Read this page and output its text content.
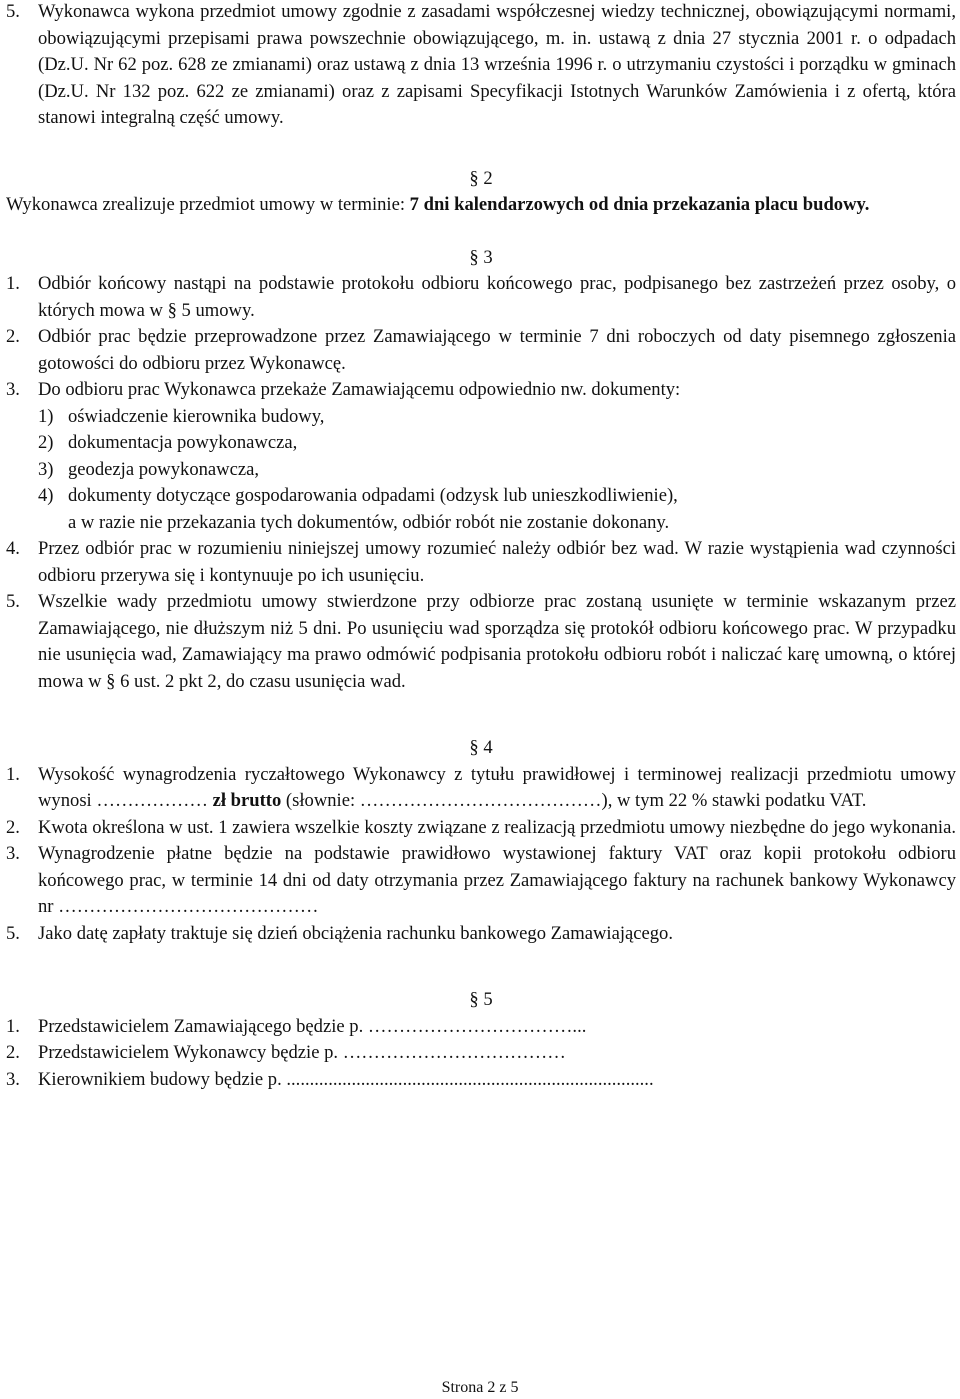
5. Wykonawca wykona przedmiot umowy zgodnie z zasadami współczesnej wiedzy technicznej, obowiązującymi normami, obowiązującymi przepisami prawa powszechnie obowiązującego, m. in. ustawą z dnia 27 stycznia 2001 r. o odpadach (Dz.U. Nr 62 poz. 628 ze zmianami) oraz ustawą z dnia 13 września 1996 r. o utrzymaniu czystości i porządku w gminach (Dz.U. Nr 132 poz. 622 ze zmianami) oraz z zapisami Specyfikacji Istotnych Warunków Zamówienia i z ofertą, która stanowi integralną część umowy.
§ 2
Wykonawca zrealizuje przedmiot umowy w terminie: 7 dni kalendarzowych od dnia przekazania placu budowy.
§ 3
1. Odbiór końcowy nastąpi na podstawie protokołu odbioru końcowego prac, podpisanego bez zastrzeżeń przez osoby, o których mowa w § 5 umowy.
2. Odbiór prac będzie przeprowadzone przez Zamawiającego w terminie 7 dni roboczych od daty pisemnego zgłoszenia gotowości do odbioru przez Wykonawcę.
3. Do odbioru prac Wykonawca przekaże Zamawiającemu odpowiednio nw. dokumenty:
1) oświadczenie kierownika budowy,
2) dokumentacja powykonawcza,
3) geodezja powykonawcza,
4) dokumenty dotyczące gospodarowania odpadami (odzysk lub unieszkodliwienie),
a w razie nie przekazania tych dokumentów, odbiór robót nie zostanie dokonany.
4. Przez odbiór prac w rozumieniu niniejszej umowy rozumieć należy odbiór bez wad. W razie wystąpienia wad czynności odbioru przerywa się i kontynuuje po ich usunięciu.
5. Wszelkie wady przedmiotu umowy stwierdzone przy odbiorze prac zostaną usunięte w terminie wskazanym przez Zamawiającego, nie dłuższym niż 5 dni. Po usunięciu wad sporządza się protokół odbioru końcowego prac. W przypadku nie usunięcia wad, Zamawiający ma prawo odmówić podpisania protokołu odbioru robót i naliczać karę umowną, o której mowa w § 6 ust. 2 pkt 2, do czasu usunięcia wad.
§ 4
1. Wysokość wynagrodzenia ryczałtowego Wykonawcy z tytułu prawidłowej i terminowej realizacji przedmiotu umowy wynosi ……………… zł brutto (słownie: …………………………………), w tym 22 % stawki podatku VAT.
2. Kwota określona w ust. 1 zawiera wszelkie koszty związane z realizacją przedmiotu umowy niezbędne do jego wykonania.
3. Wynagrodzenie płatne będzie na podstawie prawidłowo wystawionej faktury VAT oraz kopii protokołu odbioru końcowego prac, w terminie 14 dni od daty otrzymania przez Zamawiającego faktury na rachunek bankowy Wykonawcy nr ……………………………………
5. Jako datę zapłaty traktuje się dzień obciążenia rachunku bankowego Zamawiającego.
§ 5
1. Przedstawicielem Zamawiającego będzie p. ……………………………...
2. Przedstawicielem Wykonawcy będzie p. ………………………………
3. Kierownikiem budowy będzie p. ...............................................................................
Strona 2 z 5
